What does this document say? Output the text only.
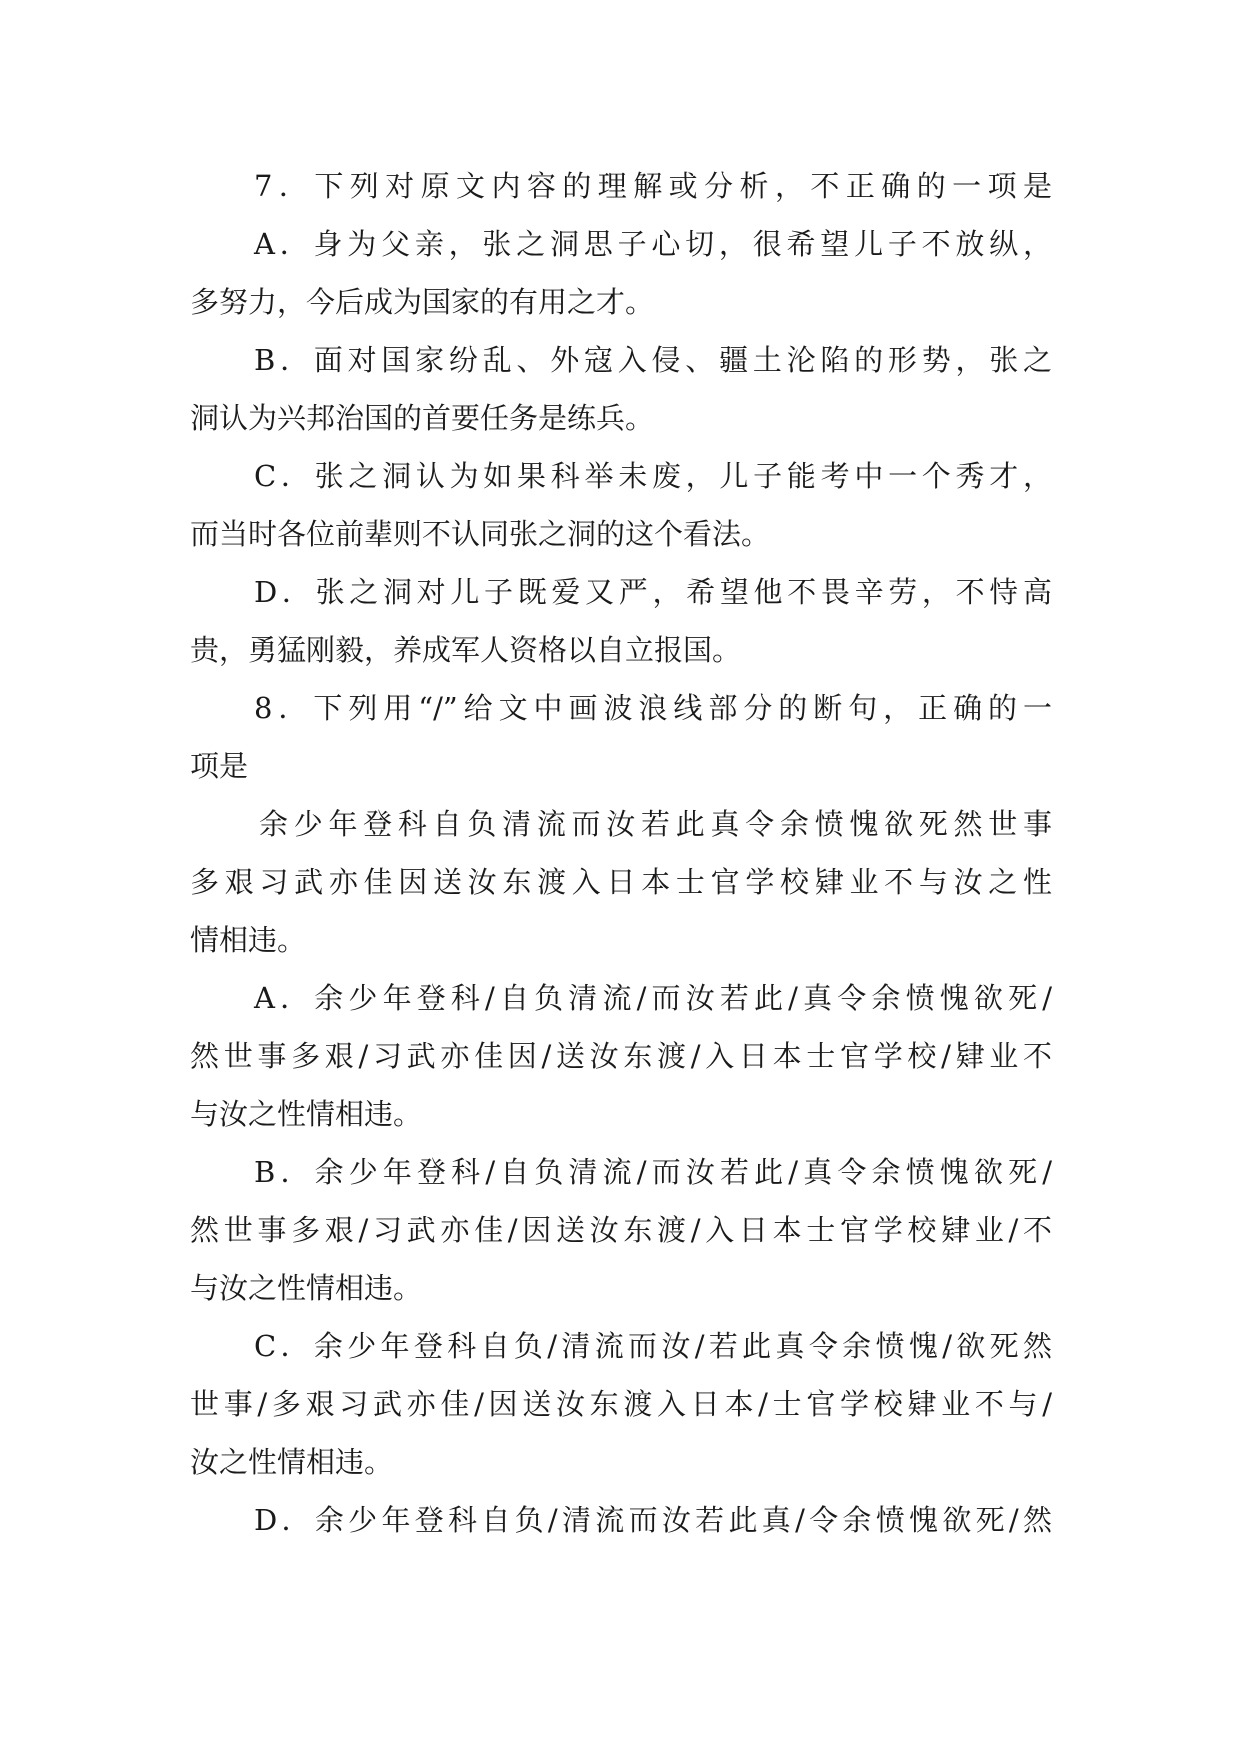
7．下列对原文内容的理解或分析，不正确的一项是
A．身为父亲，张之洞思子心切，很希望儿子不放纵，
多努力，今后成为国家的有用之才。
B．面对国家纷乱、外寇入侵、疆土沦陷的形势，张之
洞认为兴邦治国的首要任务是练兵。
C．张之洞认为如果科举未废，儿子能考中一个秀才，
而当时各位前辈则不认同张之洞的这个看法。
D．张之洞对儿子既爱又严，希望他不畏辛劳，不恃高
贵，勇猛刚毅，养成军人资格以自立报国。
8．下列用“/”给文中画波浪线部分的断句，正确的一
项是
余少年登科自负清流而汝若此真令余愤愧欲死然世事
多艰习武亦佳因送汝东渡入日本士官学校肄业不与汝之性
情相违。
A．余少年登科/自负清流/而汝若此/真令余愤愧欲死/
然世事多艰/习武亦佳因/送汝东渡/入日本士官学校/肄业不
与汝之性情相违。
B．余少年登科/自负清流/而汝若此/真令余愤愧欲死/
然世事多艰/习武亦佳/因送汝东渡/入日本士官学校肄业/不
与汝之性情相违。
C．余少年登科自负/清流而汝/若此真令余愤愧/欲死然
世事/多艰习武亦佳/因送汝东渡入日本/士官学校肄业不与/
汝之性情相违。
D．余少年登科自负/清流而汝若此真/令余愤愧欲死/然
